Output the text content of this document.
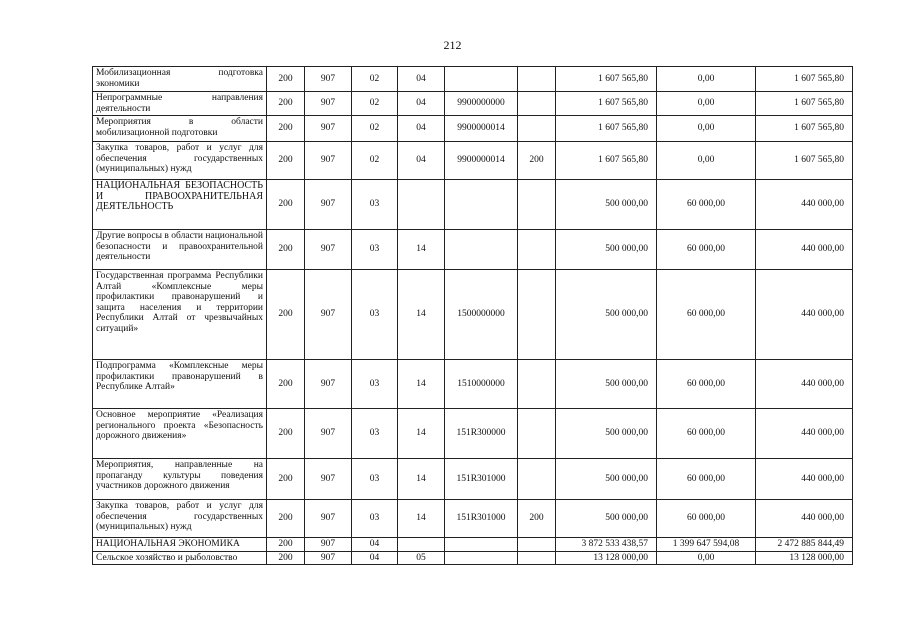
212
Мобилизационная подготовка экономики	200	907	02	04			1 607 565,80	0,00	1 607 565,80
Непрограммные направления деятельности	200	907	02	04	9900000000		1 607 565,80	0,00	1 607 565,80
Мероприятия в области мобилизационной подготовки	200	907	02	04	9900000014		1 607 565,80	0,00	1 607 565,80
Закупка товаров, работ и услуг для обеспечения государственных (муниципальных) нужд	200	907	02	04	9900000014	200	1 607 565,80	0,00	1 607 565,80
НАЦИОНАЛЬНАЯ БЕЗОПАСНОСТЬ И ПРАВООХРАНИТЕЛЬНАЯ ДЕЯТЕЛЬНОСТЬ	200	907	03				500 000,00	60 000,00	440 000,00
Другие вопросы в области национальной безопасности и правоохранительной деятельности	200	907	03	14			500 000,00	60 000,00	440 000,00
Государственная программа Республики Алтай «Комплексные меры профилактики правонарушений и защита населения и территории Республики Алтай от чрезвычайных ситуаций»	200	907	03	14	1500000000		500 000,00	60 000,00	440 000,00
Подпрограмма «Комплексные меры профилактики правонарушений в Республике Алтай»	200	907	03	14	1510000000		500 000,00	60 000,00	440 000,00
Основное мероприятие «Реализация регионального проекта «Безопасность дорожного движения»	200	907	03	14	151R300000		500 000,00	60 000,00	440 000,00
Мероприятия, направленные на пропаганду культуры поведения участников дорожного движения	200	907	03	14	151R301000		500 000,00	60 000,00	440 000,00
Закупка товаров, работ и услуг для обеспечения государственных (муниципальных) нужд	200	907	03	14	151R301000	200	500 000,00	60 000,00	440 000,00
НАЦИОНАЛЬНАЯ ЭКОНОМИКА	200	907	04				3 872 533 438,57	1 399 647 594,08	2 472 885 844,49
Сельское хозяйство и рыболовство	200	907	04	05			13 128 000,00	0,00	13 128 000,00
